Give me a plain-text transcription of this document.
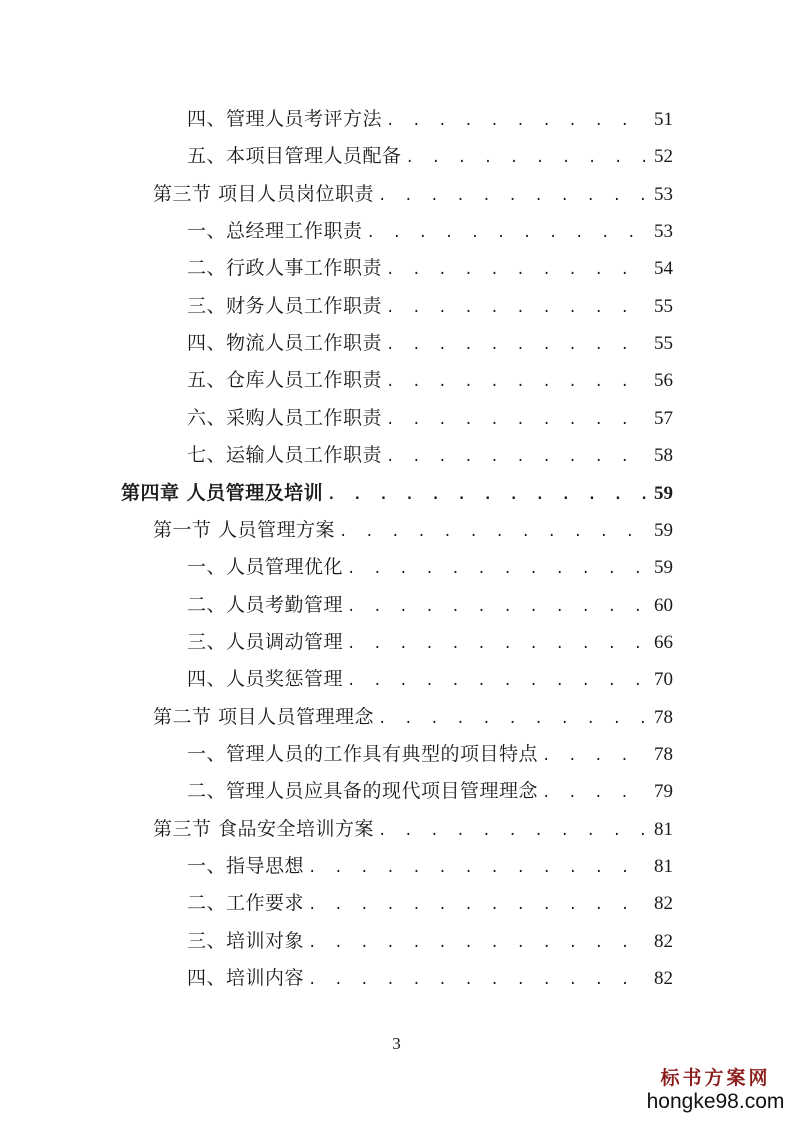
四、管理人员考评方法 . . .	51
五、本项目管理人员配备 . . .	52
第三节 项目人员岗位职责 . . .	53
一、总经理工作职责 . . .	53
二、行政人事工作职责 . . .	54
三、财务人员工作职责 . . .	55
四、物流人员工作职责 . . .	55
五、仓库人员工作职责 . . .	56
六、采购人员工作职责 . . .	57
七、运输人员工作职责 . . .	58
第四章 人员管理及培训 . . .	59
第一节 人员管理方案 . . .	59
一、人员管理优化 . . .	59
二、人员考勤管理 . . .	60
三、人员调动管理 . . .	66
四、人员奖惩管理 . . .	70
第二节 项目人员管理理念 . . .	78
一、管理人员的工作具有典型的项目特点 . . .	78
二、管理人员应具备的现代项目管理理念 . . .	79
第三节 食品安全培训方案 . . .	81
一、指导思想 . . .	81
二、工作要求 . . .	82
三、培训对象 . . .	82
四、培训内容 . . .	82
3
标书方案网
hongke98.com
